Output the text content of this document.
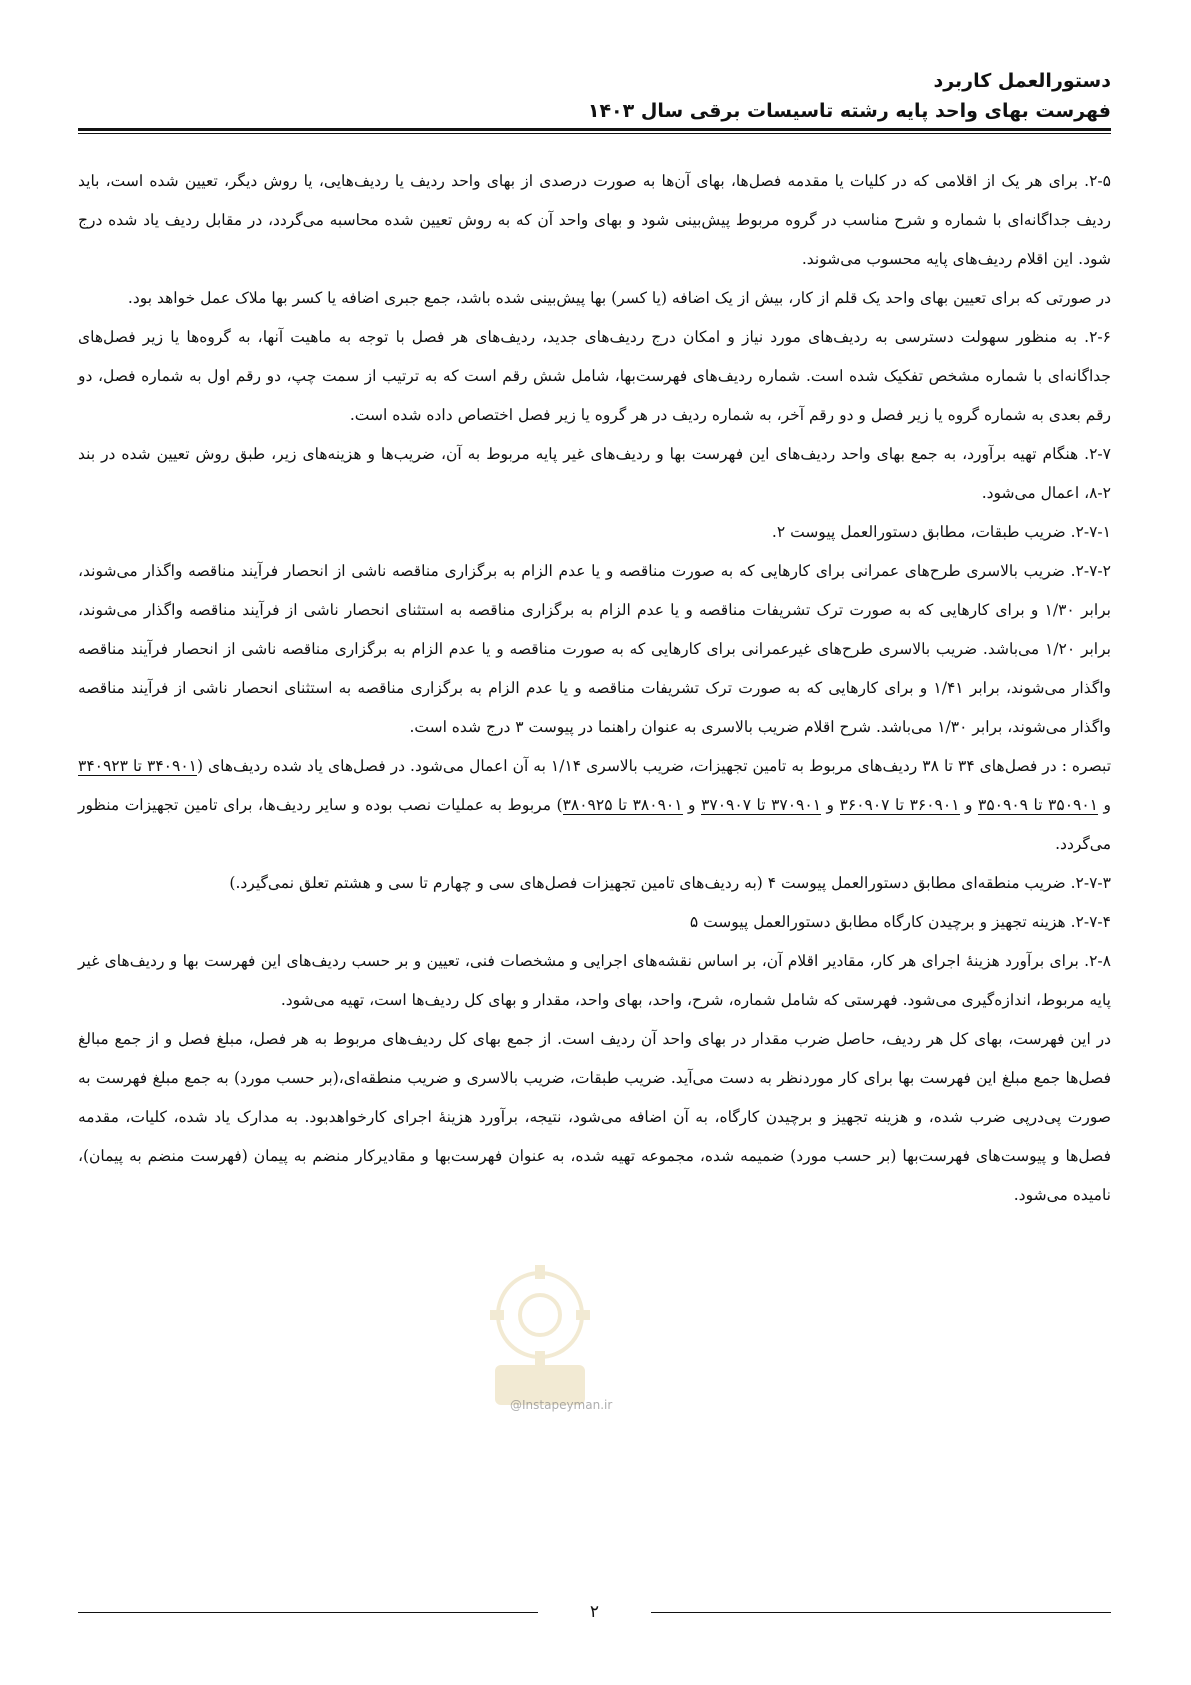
دستورالعمل کاربرد
فهرست بهای واحد پایه رشته تاسیسات برقی سال ۱۴۰۳

۲-۵. برای هر یک از اقلامی که در کلیات یا مقدمه فصل‌ها، بهای آن‌ها به صورت درصدی از بهای واحد ردیف یا ردیف‌هایی، یا روش دیگر، تعیین شده است، باید ردیف جداگانه‌ای با شماره و شرح مناسب در گروه مربوط پیش‌بینی شود و بهای واحد آن که به روش تعیین شده محاسبه می‌گردد، در مقابل ردیف یاد شده درج شود. این اقلام ردیف‌های پایه محسوب می‌شوند.

در صورتی که برای تعیین بهای واحد یک قلم از کار، بیش از یک اضافه (یا کسر) بها پیش‌بینی شده باشد، جمع جبری اضافه یا کسر بها ملاک عمل خواهد بود.

۲-۶. به منظور سهولت دسترسی به ردیف‌های مورد نیاز و امکان درج ردیف‌های جدید، ردیف‌های هر فصل با توجه به ماهیت آنها، به گروه‌ها یا زیر فصل‌های جداگانه‌ای با شماره مشخص تفکیک شده است. شماره ردیف‌های فهرست‌بها، شامل شش رقم است که به ترتیب از سمت چپ، دو رقم اول به شماره فصل، دو رقم بعدی به شماره گروه یا زیر فصل و دو رقم آخر، به شماره ردیف در هر گروه یا زیر فصل اختصاص داده شده است.

۲-۷. هنگام تهیه برآورد، به جمع بهای واحد ردیف‌های این فهرست بها و ردیف‌های غیر پایه مربوط به آن، ضریب‌ها و هزینه‌های زیر، طبق روش تعیین شده در بند ۲-۸، اعمال می‌شود.

۲-۷-۱. ضریب طبقات، مطابق دستورالعمل پیوست ۲.

۲-۷-۲. ضریب بالاسری طرح‌های عمرانی برای کارهایی که به صورت مناقصه و یا عدم الزام به برگزاری مناقصه ناشی از انحصار فرآیند مناقصه واگذار می‌شوند، برابر ۱/۳۰ و برای کارهایی که به صورت ترک تشریفات مناقصه و یا عدم الزام به برگزاری مناقصه به استثنای انحصار ناشی از فرآیند مناقصه واگذار می‌شوند، برابر ۱/۲۰ می‌باشد. ضریب بالاسری طرح‌های غیرعمرانی برای کارهایی که به صورت مناقصه و یا عدم الزام به برگزاری مناقصه ناشی از انحصار فرآیند مناقصه واگذار می‌شوند، برابر ۱/۴۱ و برای کارهایی که به صورت ترک تشریفات مناقصه و یا عدم الزام به برگزاری مناقصه به استثنای انحصار ناشی از فرآیند مناقصه واگذار می‌شوند، برابر ۱/۳۰ می‌باشد. شرح اقلام ضریب بالاسری به عنوان راهنما در پیوست ۳ درج شده است.

تبصره : در فصل‌های ۳۴ تا ۳۸ ردیف‌های مربوط به تامین تجهیزات، ضریب بالاسری ۱/۱۴ به آن اعمال می‌شود. در فصل‌های یاد شده ردیف‌های (۳۴۰۹۰۱ تا ۳۴۰۹۲۳ و ۳۵۰۹۰۱ تا ۳۵۰۹۰۹ و ۳۶۰۹۰۱ تا ۳۶۰۹۰۷ و ۳۷۰۹۰۱ تا ۳۷۰۹۰۷ و ۳۸۰۹۰۱ تا ۳۸۰۹۲۵) مربوط به عملیات نصب بوده و سایر ردیف‌ها، برای تامین تجهیزات منظور می‌گردد.

۲-۷-۳. ضریب منطقه‌ای مطابق دستورالعمل پیوست ۴ (به ردیف‌های تامین تجهیزات فصل‌های سی و چهارم تا سی و هشتم تعلق نمی‌گیرد.)

۲-۷-۴. هزینه تجهیز و برچیدن کارگاه مطابق دستورالعمل پیوست ۵

۲-۸. برای برآورد هزینهٔ اجرای هر کار، مقادیر اقلام آن، بر اساس نقشه‌های اجرایی و مشخصات فنی، تعیین و بر حسب ردیف‌های این فهرست بها و ردیف‌های غیر پایه مربوط، اندازه‌گیری می‌شود. فهرستی که شامل شماره، شرح، واحد، بهای واحد، مقدار و بهای کل ردیف‌ها است، تهیه می‌شود.

در این فهرست، بهای کل هر ردیف، حاصل ضرب مقدار در بهای واحد آن ردیف است. از جمع بهای کل ردیف‌های مربوط به هر فصل، مبلغ فصل و از جمع مبالغ فصل‌ها جمع مبلغ این فهرست بها برای کار موردنظر به دست می‌آید. ضریب طبقات، ضریب بالاسری و ضریب منطقه‌ای،(بر حسب مورد) به جمع مبلغ فهرست به صورت پی‌درپی ضرب شده، و هزینه تجهیز و برچیدن کارگاه، به آن اضافه می‌شود، نتیجه، برآورد هزینهٔ اجرای کارخواهدبود. به مدارک یاد شده، کلیات، مقدمه فصل‌ها و پیوست‌های فهرست‌بها (بر حسب مورد) ضمیمه شده، مجموعه تهیه شده، به عنوان فهرست‌بها و مقادیرکار منضم به پیمان (فهرست منضم به پیمان)، نامیده می‌شود.

@Instapeyman.ir
۲
